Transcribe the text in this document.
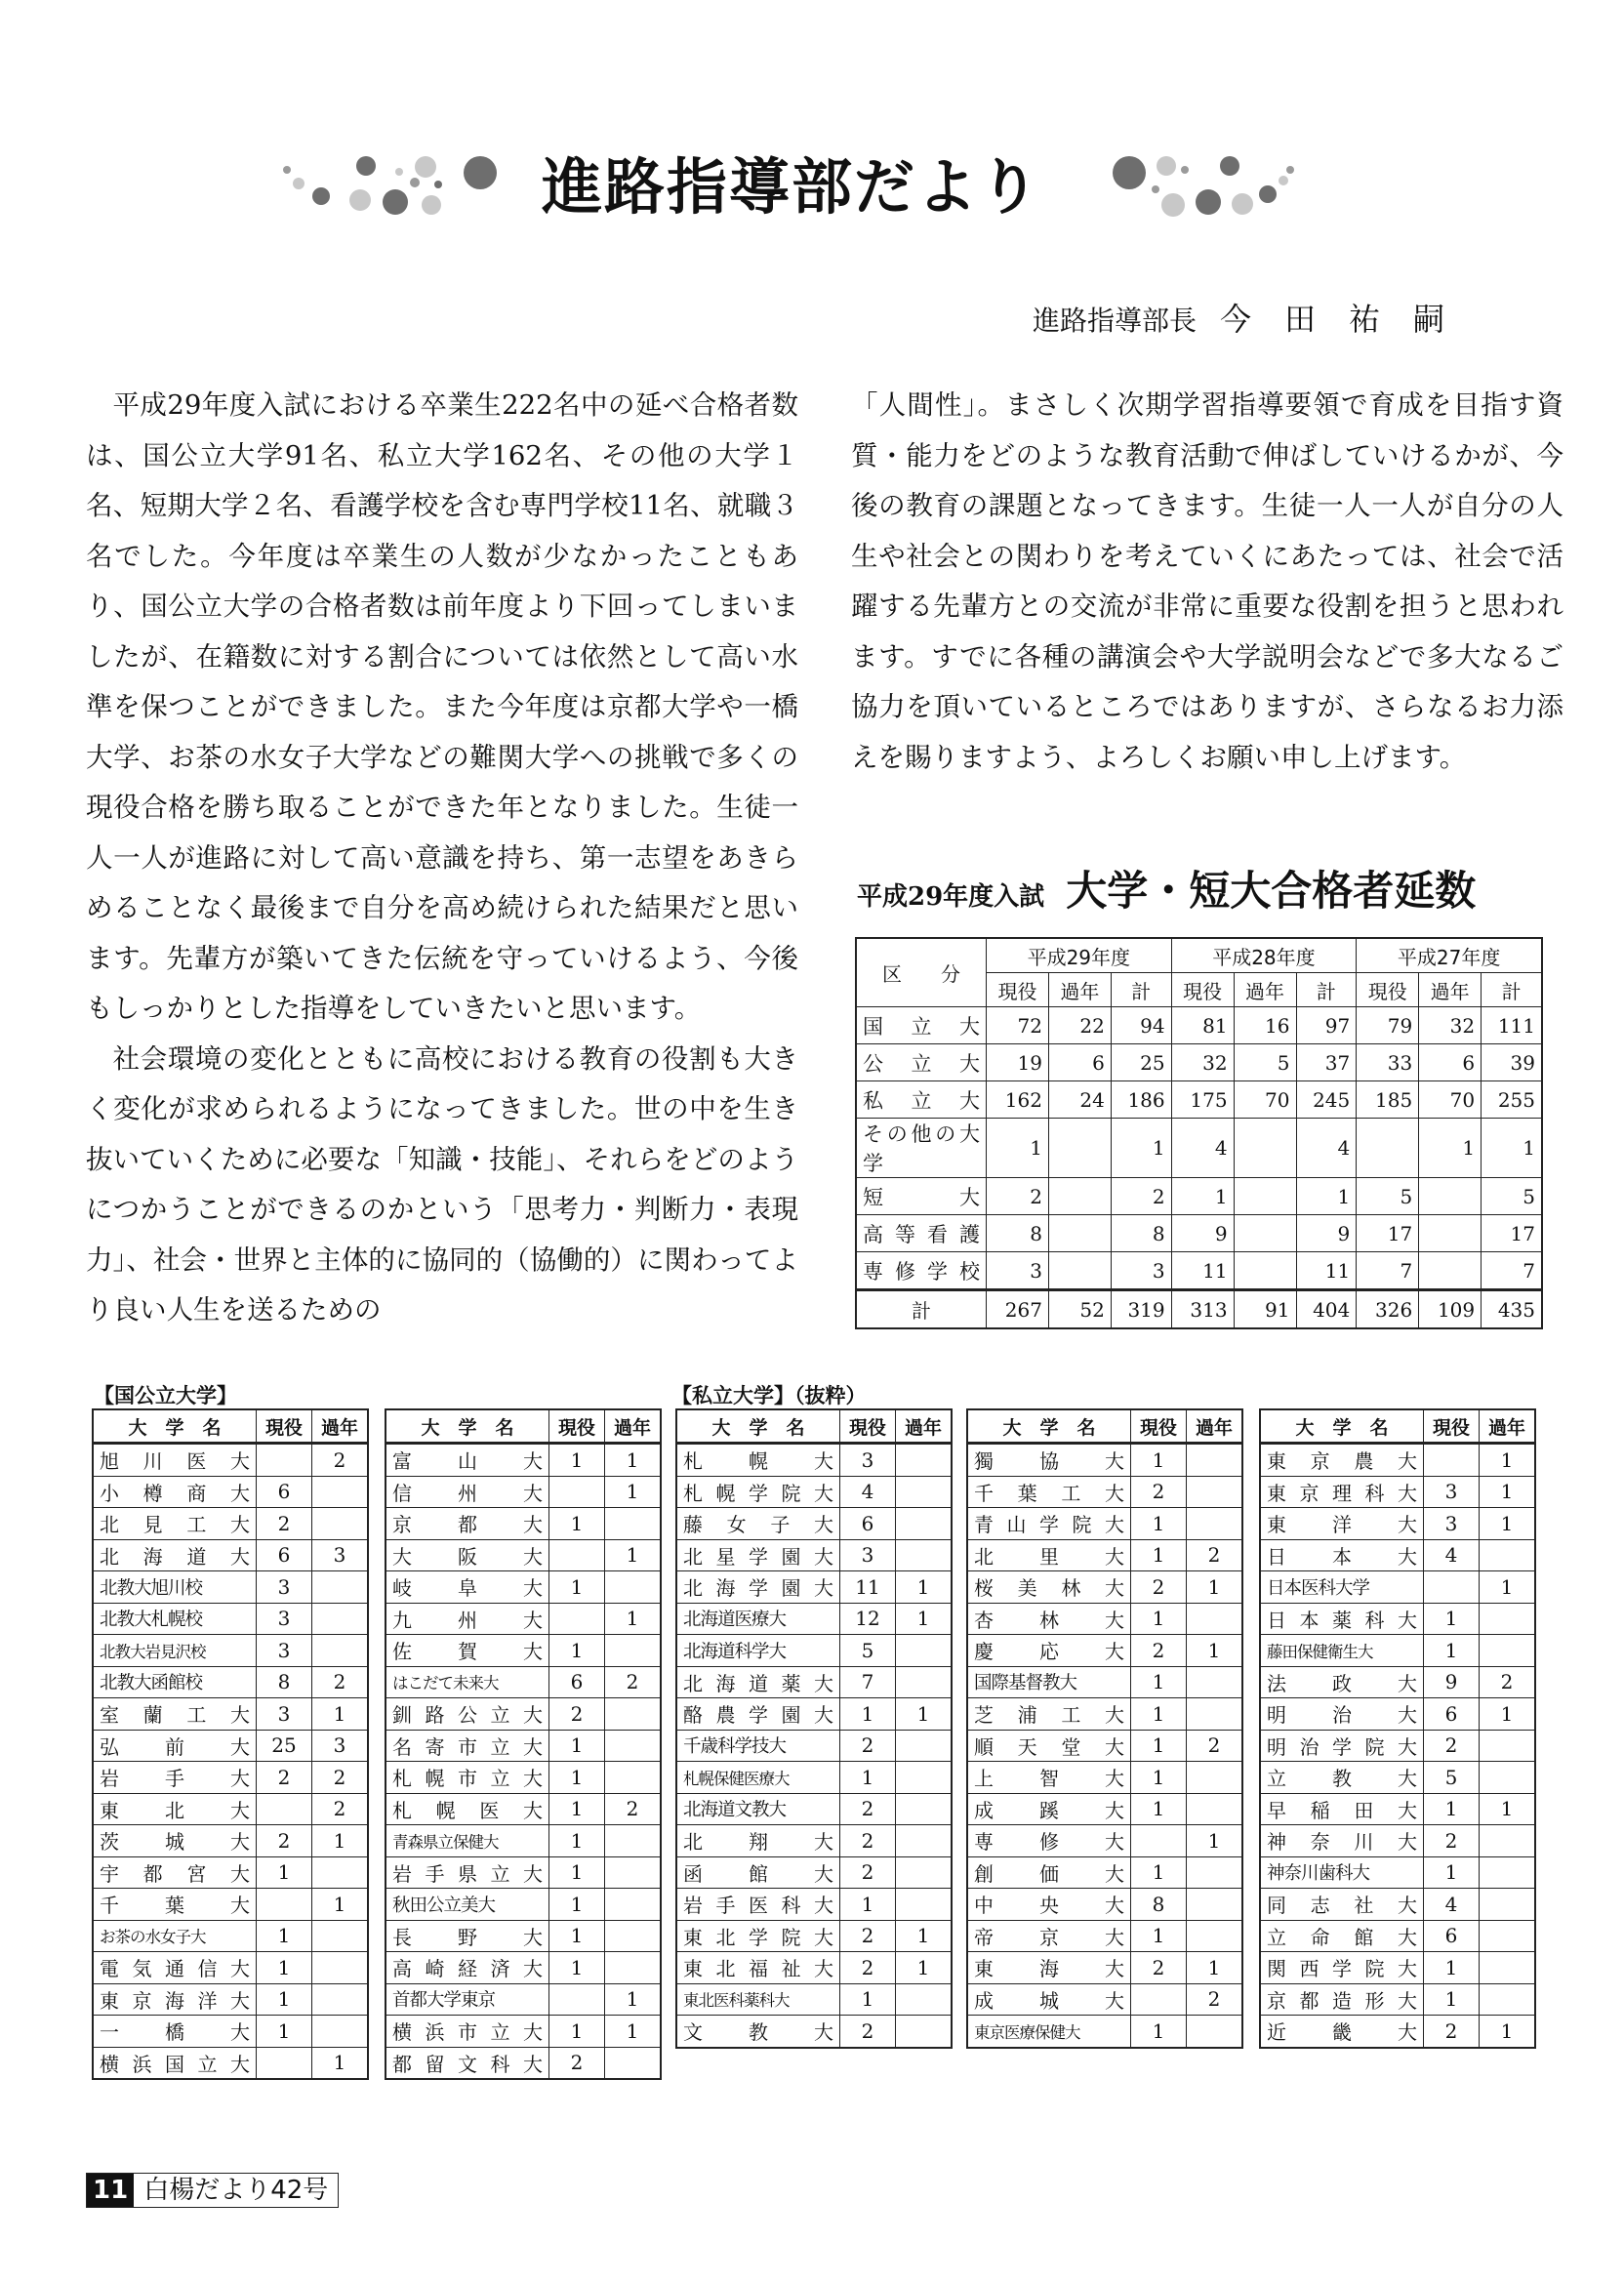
進路指導部だより
進路指導部長 今田祐嗣

平成29年度入試における卒業生222名中の延べ合格者数は、国公立大学91名、私立大学162名、その他の大学１名、短期大学２名、看護学校を含む専門学校11名、就職３名でした。今年度は卒業生の人数が少なかったこともあり、国公立大学の合格者数は前年度より下回ってしまいましたが、在籍数に対する割合については依然として高い水準を保つことができました。また今年度は京都大学や一橋大学、お茶の水女子大学などの難関大学への挑戦で多くの現役合格を勝ち取ることができた年となりました。生徒一人一人が進路に対して高い意識を持ち、第一志望をあきらめることなく最後まで自分を高め続けられた結果だと思います。先輩方が築いてきた伝統を守っていけるよう、今後もしっかりとした指導をしていきたいと思います。

社会環境の変化とともに高校における教育の役割も大きく変化が求められるようになってきました。世の中を生き抜いていくために必要な「知識・技能」、それらをどのようにつかうことができるのかという「思考力・判断力・表現力」、社会・世界と主体的に協同的（協働的）に関わってより良い人生を送るための

「人間性」。まさしく次期学習指導要領で育成を目指す資質・能力をどのような教育活動で伸ばしていけるかが、今後の教育の課題となってきます。生徒一人一人が自分の人生や社会との関わりを考えていくにあたっては、社会で活躍する先輩方との交流が非常に重要な役割を担うと思われます。すでに各種の講演会や大学説明会などで多大なるご協力を頂いているところではありますが、さらなるお力添えを賜りますよう、よろしくお願い申し上げます。

平成29年度入試 大学・短大合格者延数
区　　分	平成29年度			平成28年度			平成27年度		
	現役	過年	計	現役	過年	計	現役	過年	計
国立大	72	22	94	81	16	97	79	32	111
公立大	19	6	25	32	5	37	33	6	39
私立大	162	24	186	175	70	245	185	70	255
その他の大学	1		1	4		4		1	1
短大	2		2	1		1	5		5
高等看護	8		8	9		9	17		17
専修学校	3		3	11		11	7		7
計	267	52	319	313	91	404	326	109	435
【国公立大学】	【私立大学】（抜粋）
大　学　名	現役	過年
旭川医大		2
小樽商大	6	
北見工大	2	
北海道大	6	3
北教大旭川校	3	
北教大札幌校	3	
北教大岩見沢校	3	
北教大函館校	8	2
室蘭工大	3	1
弘前大	25	3
岩手大	2	2
東北大		2
茨城大	2	1
宇都宮大	1	
千葉大		1
お茶の水女子大	1	
電気通信大	1	
東京海洋大	1	
一橋大	1	
横浜国立大		1
大　学　名	現役	過年
富山大	1	1
信州大		1
京都大	1	
大阪大		1
岐阜大	1	
九州大		1
佐賀大	1	
はこだて未来大	6	2
釧路公立大	2	
名寄市立大	1	
札幌市立大	1	
札幌医大	1	2
青森県立保健大	1	
岩手県立大	1	
秋田公立美大	1	
長野大	1	
高崎経済大	1	
首都大学東京		1
横浜市立大	1	1
都留文科大	2	
大　学　名	現役	過年
札幌大	3	
札幌学院大	4	
藤女子大	6	
北星学園大	3	
北海学園大	11	1
北海道医療大	12	1
北海道科学大	5	
北海道薬大	7	
酪農学園大	1	1
千歳科学技大	2	
札幌保健医療大	1	
北海道文教大	2	
北翔大	2	
函館大	2	
岩手医科大	1	
東北学院大	2	1
東北福祉大	2	1
東北医科薬科大	1	
文教大	2	
大　学　名	現役	過年
獨協大	1	
千葉工大	2	
青山学院大	1	
北里大	1	2
桜美林大	2	1
杏林大	1	
慶応大	2	1
国際基督教大	1	
芝浦工大	1	
順天堂大	1	2
上智大	1	
成蹊大	1	
専修大		1
創価大	1	
中央大	8	
帝京大	1	
東海大	2	1
成城大		2
東京医療保健大	1	
大　学　名	現役	過年
東京農大		1
東京理科大	3	1
東洋大	3	1
日本大	4	
日本医科大学		1
日本薬科大	1	
藤田保健衛生大	1	
法政大	9	2
明治大	6	1
明治学院大	2	
立教大	5	
早稲田大	1	1
神奈川大	2	
神奈川歯科大	1	
同志社大	4	
立命館大	6	
関西学院大	1	
京都造形大	1	
近畿大	2	1
11 白楊だより42号
